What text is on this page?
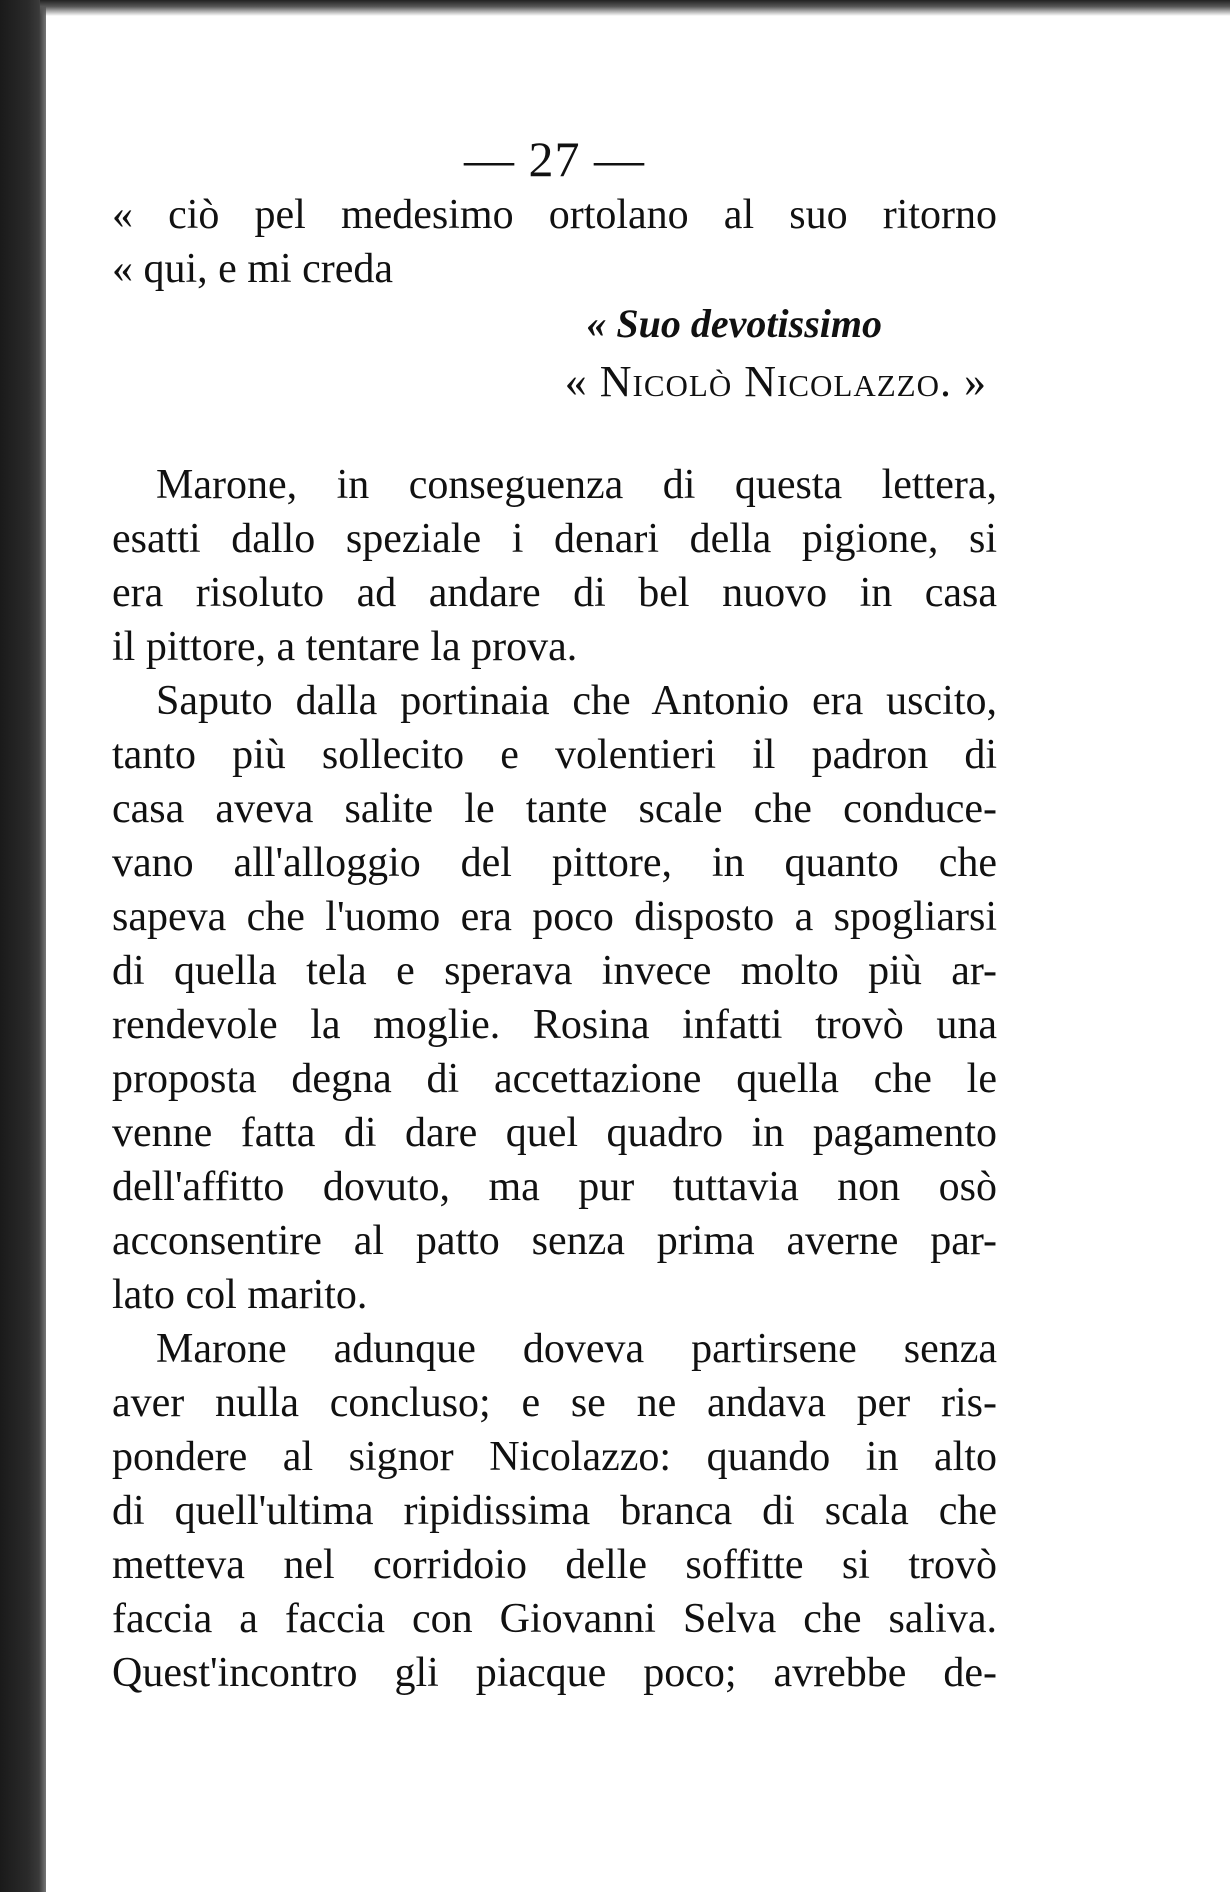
— 27 —
« ciò pel medesimo ortolano al suo ritorno
« qui, e mi creda
« Suo devotissimo
« Nicolò Nicolazzo. »
Marone, in conseguenza di questa lettera,
esatti dallo speziale i denari della pigione, si
era risoluto ad andare di bel nuovo in casa
il pittore, a tentare la prova.
Saputo dalla portinaia che Antonio era uscito,
tanto più sollecito e volentieri il padron di
casa aveva salite le tante scale che conduce-
vano all'alloggio del pittore, in quanto che
sapeva che l'uomo era poco disposto a spogliarsi
di quella tela e sperava invece molto più ar-
rendevole la moglie. Rosina infatti trovò una
proposta degna di accettazione quella che le
venne fatta di dare quel quadro in pagamento
dell'affitto dovuto, ma pur tuttavia non osò
acconsentire al patto senza prima averne par-
lato col marito.
Marone adunque doveva partirsene senza
aver nulla concluso; e se ne andava per ris-
pondere al signor Nicolazzo: quando in alto
di quell'ultima ripidissima branca di scala che
metteva nel corridoio delle soffitte si trovò
faccia a faccia con Giovanni Selva che saliva.
Quest'incontro gli piacque poco; avrebbe de-
